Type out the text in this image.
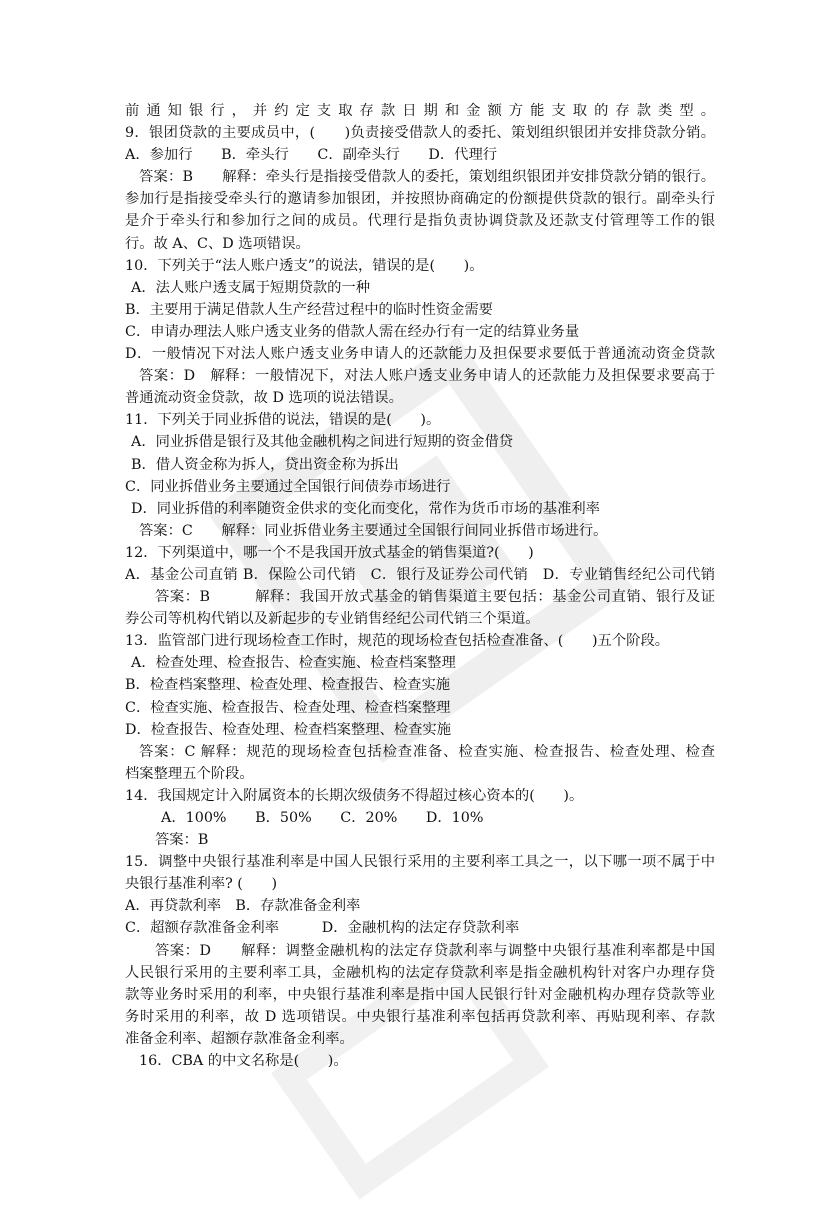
前通知银行，并约定支取存款日期和金额方能支取的存款类型。
9．银团贷款的主要成员中，(　　)负责接受借款人的委托、策划组织银团并安排贷款分销。
A．参加行　　B．牵头行　　C．副牵头行　　D．代理行
答案：B　　解释：牵头行是指接受借款人的委托，策划组织银团并安排贷款分销的银行。
参加行是指接受牵头行的邀请参加银团，并按照协商确定的份额提供贷款的银行。副牵头行
是介于牵头行和参加行之间的成员。代理行是指负责协调贷款及还款支付管理等工作的银
行。故 A、C、D 选项错误。
10．下列关于“法人账户透支”的说法，错误的是(　　)。
A．法人账户透支属于短期贷款的一种
B．主要用于满足借款人生产经营过程中的临时性资金需要
C．申请办理法人账户透支业务的借款人需在经办行有一定的结算业务量
D．一般情况下对法人账户透支业务申请人的还款能力及担保要求要低于普通流动资金贷款
答案：D　解释：一般情况下，对法人账户透支业务申请人的还款能力及担保要求要高于
普通流动资金贷款，故 D 选项的说法错误。
11．下列关于同业拆借的说法，错误的是(　　)。
A．同业拆借是银行及其他金融机构之间进行短期的资金借贷
B．借人资金称为拆人，贷出资金称为拆出
C．同业拆借业务主要通过全国银行间债券市场进行
D．同业拆借的利率随资金供求的变化而变化，常作为货币市场的基准利率
答案：C　　解释：同业拆借业务主要通过全国银行间同业拆借市场进行。
12．下列渠道中，哪一个不是我国开放式基金的销售渠道?(　　)
A．基金公司直销 B．保险公司代销　C．银行及证券公司代销　D．专业销售经纪公司代销
答案：B　　　解释：我国开放式基金的销售渠道主要包括：基金公司直销、银行及证
券公司等机构代销以及新起步的专业销售经纪公司代销三个渠道。
13．监管部门进行现场检查工作时，规范的现场检查包括检查准备、(　　)五个阶段。
A．检查处理、检查报告、检查实施、检查档案整理
B．检查档案整理、检查处理、检查报告、检查实施
C．检查实施、检查报告、检查处理、检查档案整理
D．检查报告、检查处理、检查档案整理、检查实施
答案：C 解释：规范的现场检查包括检查准备、检查实施、检查报告、检查处理、检查
档案整理五个阶段。
14．我国规定计入附属资本的长期次级债务不得超过核心资本的(　　)。
A．100%　　B．50%　　C．20%　　D．10%
答案：B
15．调整中央银行基准利率是中国人民银行采用的主要利率工具之一，以下哪一项不属于中
央银行基准利率? (　　)
A．再贷款利率　B．存款准备金利率
C．超额存款准备金利率　　　D．金融机构的法定存贷款利率
答案：D　　解释：调整金融机构的法定存贷款利率与调整中央银行基准利率都是中国
人民银行采用的主要利率工具，金融机构的法定存贷款利率是指金融机构针对客户办理存贷
款等业务时采用的利率，中央银行基准利率是指中国人民银行针对金融机构办理存贷款等业
务时采用的利率，故 D 选项错误。中央银行基准利率包括再贷款利率、再贴现利率、存款
准备金利率、超额存款准备金利率。
16．CBA 的中文名称是(　　)。
